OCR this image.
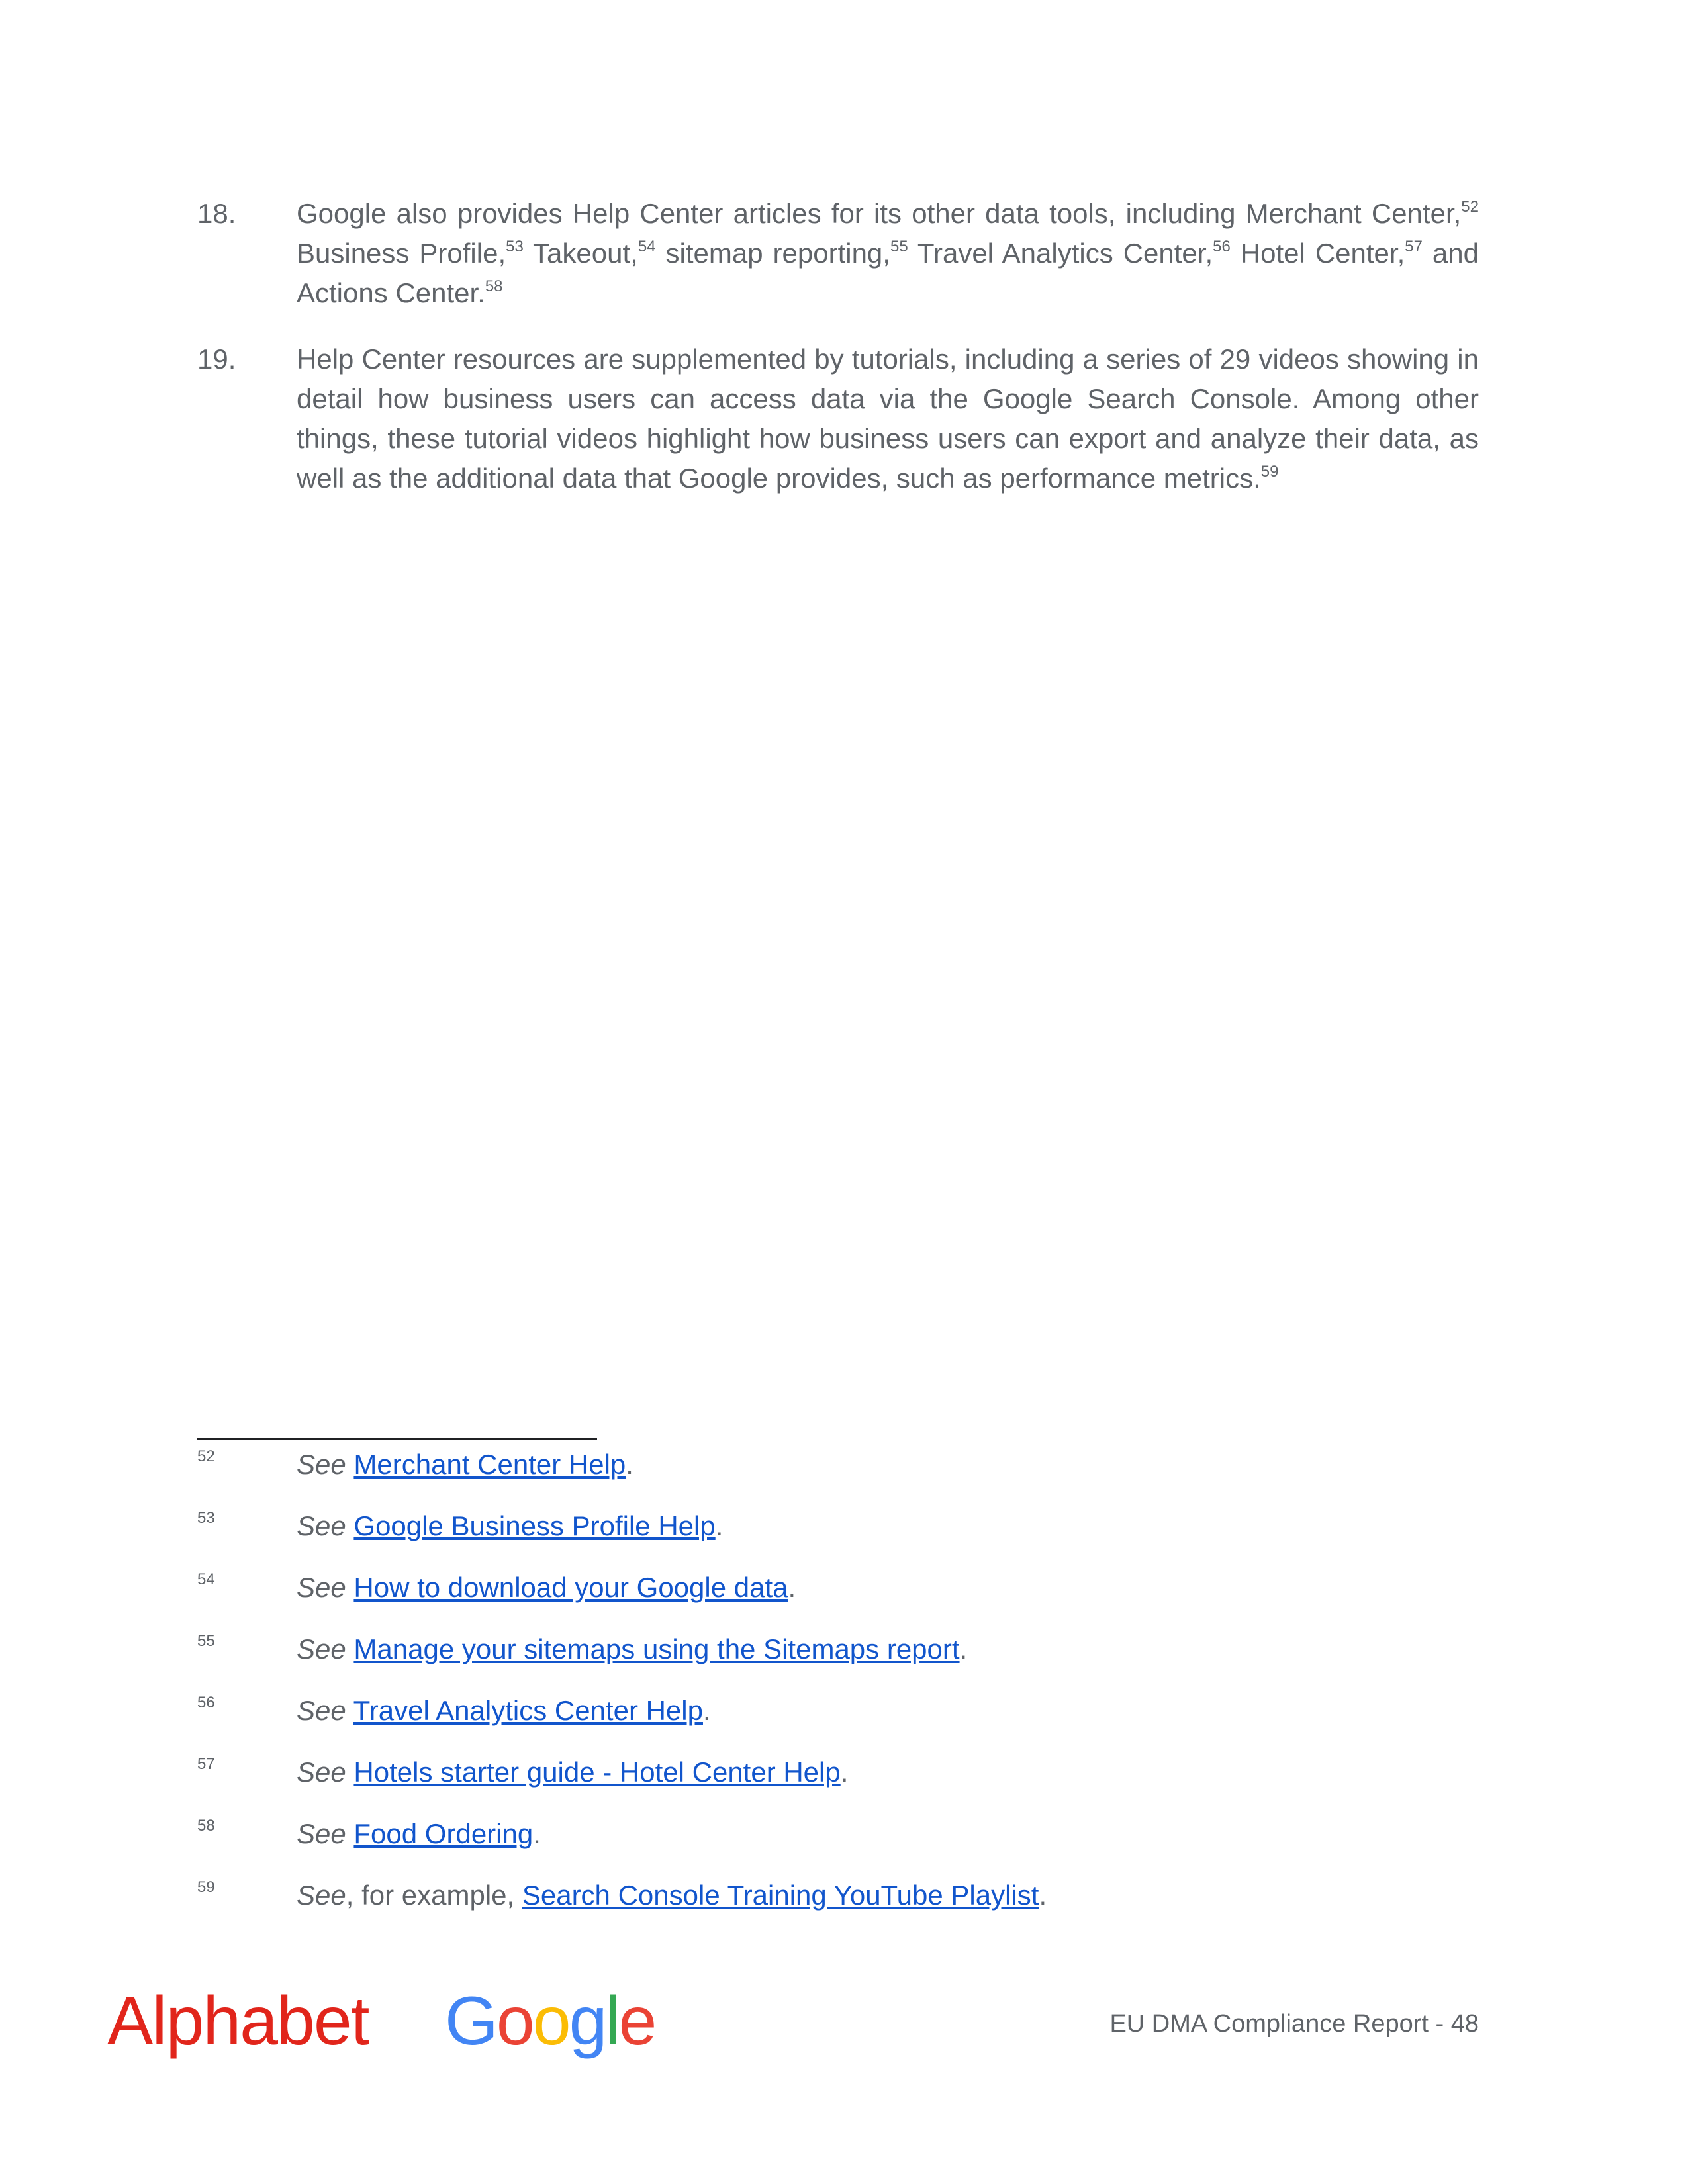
18. Google also provides Help Center articles for its other data tools, including Merchant Center,$^{52}$ Business Profile,$^{53}$ Takeout,$^{54}$ sitemap reporting,$^{55}$ Travel Analytics Center,$^{56}$ Hotel Center,$^{57}$ and Actions Center.$^{58}$
19. Help Center resources are supplemented by tutorials, including a series of 29 videos showing in detail how business users can access data via the Google Search Console. Among other things, these tutorial videos highlight how business users can export and analyze their data, as well as the additional data that Google provides, such as performance metrics.$^{59}$
52	See Merchant Center Help.
53	See Google Business Profile Help.
54	See How to download your Google data.
55	See Manage your sitemaps using the Sitemaps report.
56	See Travel Analytics Center Help.
57	See Hotels starter guide - Hotel Center Help.
58	See Food Ordering.
59	See, for example, Search Console Training YouTube Playlist.
Alphabet Google	EU DMA Compliance Report - 48
